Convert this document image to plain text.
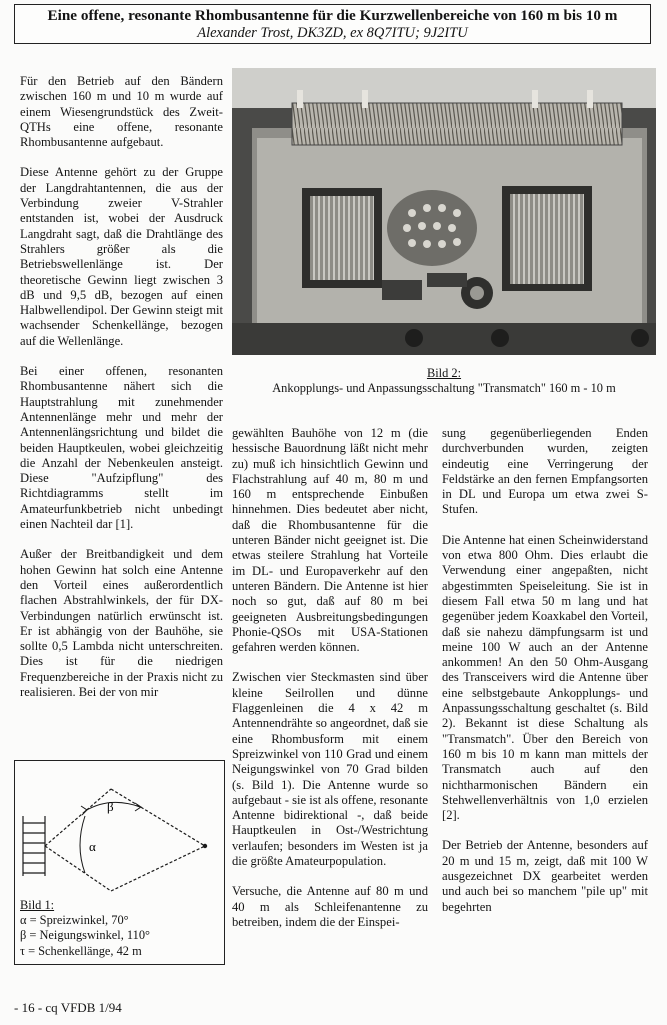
Eine offene, resonante Rhombusantenne für die Kurzwellenbereiche von 160 m bis 10 m
Alexander Trost, DK3ZD, ex 8Q7ITU; 9J2ITU

Für den Betrieb auf den Bändern zwischen 160 m und 10 m wurde auf einem Wiesengrundstück des Zweit-QTHs eine offene, resonante Rhombusantenne aufgebaut.

Diese Antenne gehört zu der Gruppe der Langdrahtantennen, die aus der Verbindung zweier V-Strahler entstanden ist, wobei der Ausdruck Langdraht sagt, daß die Drahtlänge des Strahlers größer als die Betriebswellenlänge ist. Der theoretische Gewinn liegt zwischen 3 dB und 9,5 dB, bezogen auf einen Halbwellendipol. Der Gewinn steigt mit wachsender Schenkellänge, bezogen auf die Wellenlänge.

Bei einer offenen, resonanten Rhombusantenne nähert sich die Hauptstrahlung mit zunehmender Antennenlänge mehr und mehr der Antennenlängsrichtung und bildet die beiden Hauptkeulen, wobei gleichzeitig die Anzahl der Nebenkeulen ansteigt. Diese "Aufzipflung" des Richtdiagramms stellt im Amateurfunkbetrieb nicht unbedingt einen Nachteil dar [1].

Außer der Breitbandigkeit und dem hohen Gewinn hat solch eine Antenne den Vorteil eines außerordentlich flachen Abstrahlwinkels, der für DX-Verbindungen natürlich erwünscht ist. Er ist abhängig von der Bauhöhe, sie sollte 0,5 Lambda nicht unterschreiten. Dies ist für die niedrigen Frequenzbereiche in der Praxis nicht zu realisieren. Bei der von mir

Bild 2:
Ankopplungs- und Anpassungsschaltung "Transmatch" 160 m - 10 m

gewählten Bauhöhe von 12 m (die hessische Bauordnung läßt nicht mehr zu) muß ich hinsichtlich Gewinn und Flachstrahlung auf 40 m, 80 m und 160 m entsprechende Einbußen hinnehmen. Dies bedeutet aber nicht, daß die Rhombusantenne für die unteren Bänder nicht geeignet ist. Die etwas steilere Strahlung hat Vorteile im DL- und Europaverkehr auf den unteren Bändern. Die Antenne ist hier noch so gut, daß auf 80 m bei geeigneten Ausbreitungsbedingungen Phonie-QSOs mit USA-Stationen gefahren werden können.

Zwischen vier Steckmasten sind über kleine Seilrollen und dünne Flaggenleinen die 4 x 42 m Antennendrähte so angeordnet, daß sie eine Rhombusform mit einem Spreizwinkel von 110 Grad und einem Neigungswinkel von 70 Grad bilden (s. Bild 1). Die Antenne wurde so aufgebaut - sie ist als offene, resonante Antenne bidirektional -, daß beide Hauptkeulen in Ost-/Westrichtung verlaufen; besonders im Westen ist ja die größte Amateurpopulation.

Versuche, die Antenne auf 80 m und 40 m als Schleifenantenne zu betreiben, indem die der Einspei-

sung gegenüberliegenden Enden durchverbunden wurden, zeigten eindeutig eine Verringerung der Feldstärke an den fernen Empfangsorten in DL und Europa um etwa zwei S-Stufen.

Die Antenne hat einen Scheinwiderstand von etwa 800 Ohm. Dies erlaubt die Verwendung einer angepaßten, nicht abgestimmten Speiseleitung. Sie ist in diesem Fall etwa 50 m lang und hat gegenüber jedem Koaxkabel den Vorteil, daß sie nahezu dämpfungsarm ist und meine 100 W auch an der Antenne ankommen! An den 50 Ohm-Ausgang des Transceivers wird die Antenne über eine selbstgebaute Ankopplungs- und Anpassungsschaltung geschaltet (s. Bild 2). Bekannt ist diese Schaltung als "Transmatch". Über den Bereich von 160 m bis 10 m kann man mittels der Transmatch auch auf den nichtharmonischen Bändern ein Stehwellenverhältnis von 1,0 erzielen [2].

Der Betrieb der Antenne, besonders auf 20 m und 15 m, zeigt, daß mit 100 W ausgezeichnet DX gearbeitet werden und auch bei so manchem "pile up" mit begehrten

β
α
Bild 1:
α = Spreizwinkel, 70°
β = Neigungswinkel, 110°
τ = Schenkellänge, 42 m
- 16 - cq VFDB 1/94
